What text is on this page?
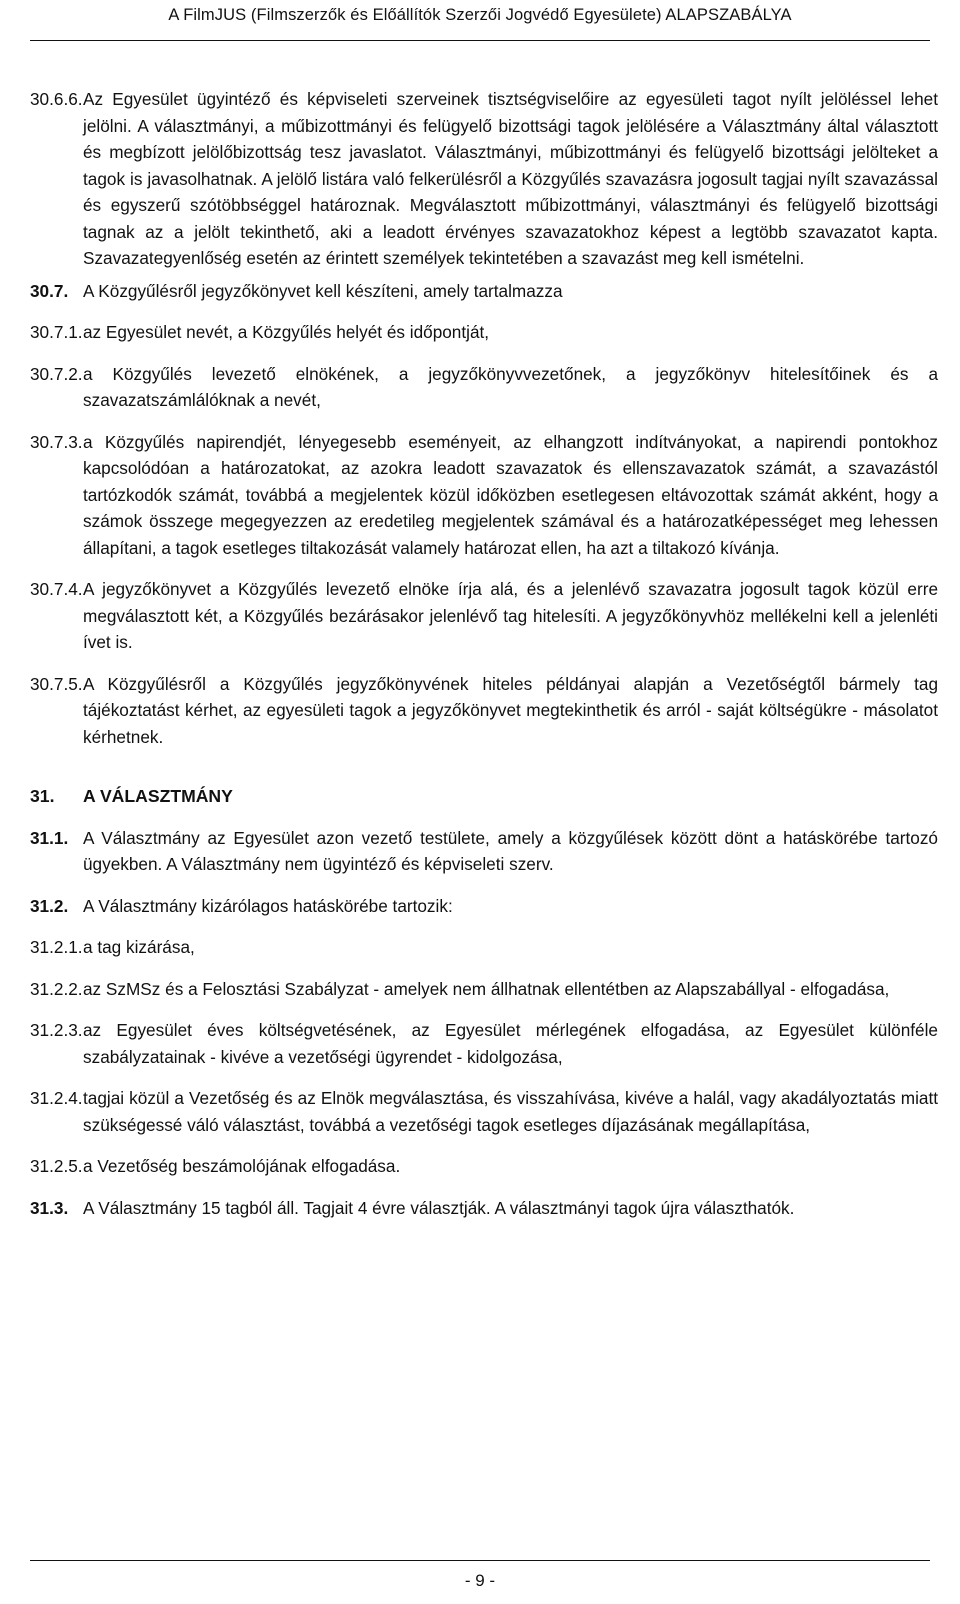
A FilmJUS (Filmszerzők és Előállítók Szerzői Jogvédő Egyesülete) ALAPSZABÁLYA
30.6.6. Az Egyesület ügyintéző és képviseleti szerveinek tisztségviselőire az egyesületi tagot nyílt jelöléssel lehet jelölni. A választmányi, a műbizottmányi és felügyelő bizottsági tagok jelölésére a Választmány által választott és megbízott jelölőbizottság tesz javaslatot. Választmányi, műbizottmányi és felügyelő bizottsági jelölteket a tagok is javasolhatnak. A jelölő listára való felkerülésről a Közgyűlés szavazásra jogosult tagjai nyílt szavazással és egyszerű szótöbbséggel határoznak. Megválasztott műbizottmányi, választmányi és felügyelő bizottsági tagnak az a jelölt tekinthető, aki a leadott érvényes szavazatokhoz képest a legtöbb szavazatot kapta. Szavazategyenlőség esetén az érintett személyek tekintetében a szavazást meg kell ismételni.
30.7. A Közgyűlésről jegyzőkönyvet kell készíteni, amely tartalmazza
30.7.1. az Egyesület nevét, a Közgyűlés helyét és időpontját,
30.7.2. a Közgyűlés levezető elnökének, a jegyzőkönyvvezetőnek, a jegyzőkönyv hitelesítőinek és a szavazatszámlálóknak a nevét,
30.7.3. a Közgyűlés napirendjét, lényegesebb eseményeit, az elhangzott indítványokat, a napirendi pontokhoz kapcsolódóan a határozatokat, az azokra leadott szavazatok és ellenszavazatok számát, a szavazástól tartózkodók számát, továbbá a megjelentek közül időközben esetlegesen eltávozottak számát akként, hogy a számok összege megegyezzen az eredetileg megjelentek számával és a határozatképességet meg lehessen állapítani, a tagok esetleges tiltakozását valamely határozat ellen, ha azt a tiltakozó kívánja.
30.7.4. A jegyzőkönyvet a Közgyűlés levezető elnöke írja alá, és a jelenlévő szavazatra jogosult tagok közül erre megválasztott két, a Közgyűlés bezárásakor jelenlévő tag hitelesíti. A jegyzőkönyvhöz mellékelni kell a jelenléti ívet is.
30.7.5. A Közgyűlésről a Közgyűlés jegyzőkönyvének hiteles példányai alapján a Vezetőségtől bármely tag tájékoztatást kérhet, az egyesületi tagok a jegyzőkönyvet megtekinthetik és arról - saját költségükre - másolatot kérhetnek.
31.	A VÁLASZTMÁNY
31.1. A Választmány az Egyesület azon vezető testülete, amely a közgyűlések között dönt a hatáskörébe tartozó ügyekben. A Választmány nem ügyintéző és képviseleti szerv.
31.2. A Választmány kizárólagos hatáskörébe tartozik:
31.2.1. a tag kizárása,
31.2.2. az SzMSz és a Felosztási Szabályzat - amelyek nem állhatnak ellentétben az Alapszabállyal - elfogadása,
31.2.3. az Egyesület éves költségvetésének, az Egyesület mérlegének elfogadása, az Egyesület különféle szabályzatainak - kivéve a vezetőségi ügyrendet - kidolgozása,
31.2.4. tagjai közül a Vezetőség és az Elnök megválasztása, és visszahívása, kivéve a halál, vagy akadályoztatás miatt szükségessé váló választást, továbbá a vezetőségi tagok esetleges díjazásának megállapítása,
31.2.5. a Vezetőség beszámolójának elfogadása.
31.3. A Választmány 15 tagból áll. Tagjait 4 évre választják. A választmányi tagok újra választhatók.
- 9 -
